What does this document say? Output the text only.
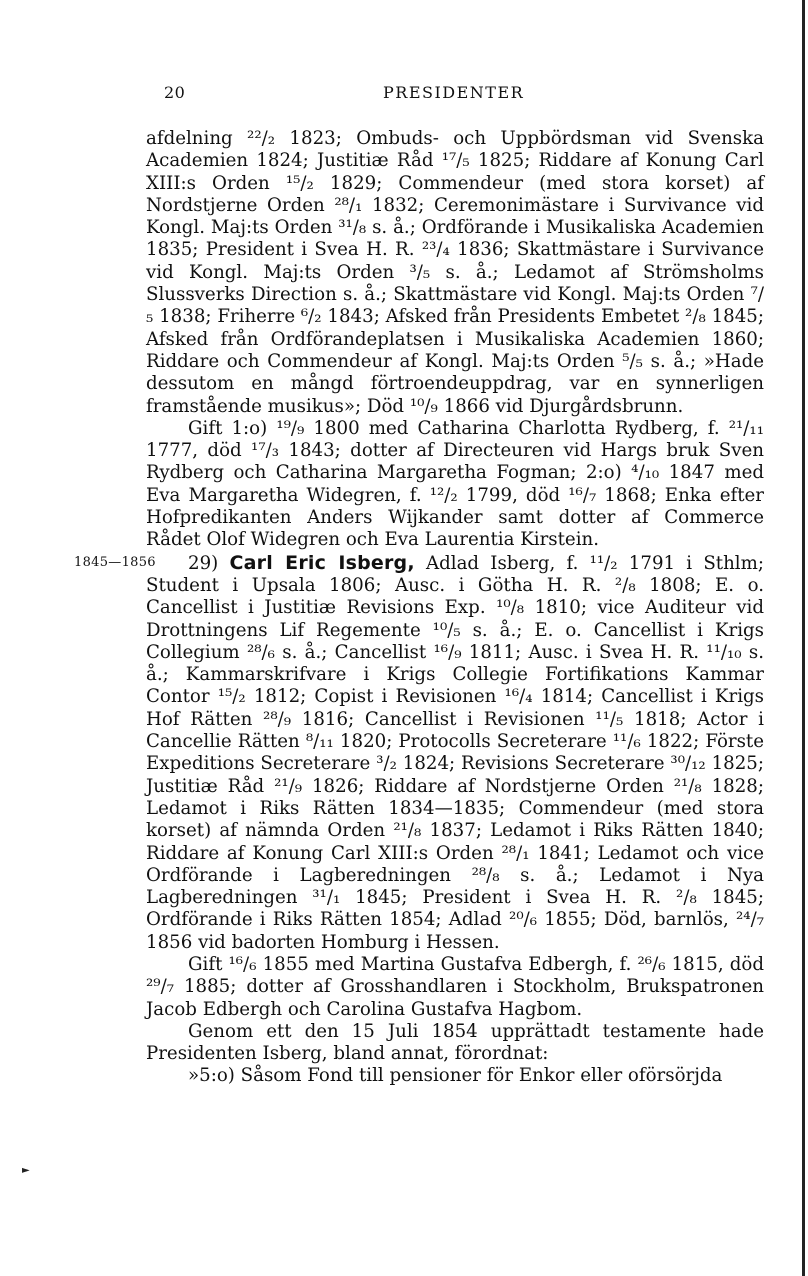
20	PRESIDENTER

afdelning ²²/₂ 1823; Ombuds- och Uppbördsman vid Svenska Academien 1824; Justitiæ Råd ¹⁷/₅ 1825; Riddare af Konung Carl XIII:s Orden ¹⁵/₂ 1829; Commendeur (med stora korset) af Nordstjerne Orden ²⁸/₁ 1832; Ceremonimästare i Survivance vid Kongl. Maj:ts Orden ³¹/₈ s. å.; Ordförande i Musikaliska Academien 1835; President i Svea H. R. ²³/₄ 1836; Skattmästare i Survivance vid Kongl. Maj:ts Orden ³/₅ s. å.; Ledamot af Strömsholms Slussverks Direction s. å.; Skattmästare vid Kongl. Maj:ts Orden ⁷/₅ 1838; Friherre ⁶/₂ 1843; Afsked från Presidents Embetet ²/₈ 1845; Afsked från Ordförandeplatsen i Musikaliska Academien 1860; Riddare och Commendeur af Kongl. Maj:ts Orden ⁵/₅ s. å.; »Hade dessutom en mångd förtroendeuppdrag, var en synnerligen framstående musikus»; Död ¹⁰/₉ 1866 vid Djurgårdsbrunn.

Gift 1:o) ¹⁹/₉ 1800 med Catharina Charlotta Rydberg, f. ²¹/₁₁ 1777, död ¹⁷/₃ 1843; dotter af Directeuren vid Hargs bruk Sven Rydberg och Catharina Margaretha Fogman; 2:o) ⁴/₁₀ 1847 med Eva Margaretha Widegren, f. ¹²/₂ 1799, död ¹⁶/₇ 1868; Enka efter Hofpredikanten Anders Wijkander samt dotter af Commerce Rådet Olof Widegren och Eva Laurentia Kirstein.

1845—1856 29) Carl Eric Isberg, Adlad Isberg, f. ¹¹/₂ 1791 i Sthlm; Student i Upsala 1806; Ausc. i Götha H. R. ²/₈ 1808; E. o. Cancellist i Justitiæ Revisions Exp. ¹⁰/₈ 1810; vice Auditeur vid Drottningens Lif Regemente ¹⁰/₅ s. å.; E. o. Cancellist i Krigs Collegium ²⁸/₆ s. å.; Cancellist ¹⁶/₉ 1811; Ausc. i Svea H. R. ¹¹/₁₀ s. å.; Kammarskrifvare i Krigs Collegie Fortifikations Kammar Contor ¹⁵/₂ 1812; Copist i Revisionen ¹⁶/₄ 1814; Cancellist i Krigs Hof Rätten ²⁸/₉ 1816; Cancellist i Revisionen ¹¹/₅ 1818; Actor i Cancellie Rätten ⁸/₁₁ 1820; Protocolls Secreterare ¹¹/₆ 1822; Förste Expeditions Secreterare ³/₂ 1824; Revisions Secreterare ³⁰/₁₂ 1825; Justitiæ Råd ²¹/₉ 1826; Riddare af Nordstjerne Orden ²¹/₈ 1828; Ledamot i Riks Rätten 1834—1835; Commendeur (med stora korset) af nämnda Orden ²¹/₈ 1837; Ledamot i Riks Rätten 1840; Riddare af Konung Carl XIII:s Orden ²⁸/₁ 1841; Ledamot och vice Ordförande i Lagberedningen ²⁸/₈ s. å.; Ledamot i Nya Lagberedningen ³¹/₁ 1845; President i Svea H. R. ²/₈ 1845; Ordförande i Riks Rätten 1854; Adlad ²⁰/₆ 1855; Död, barnlös, ²⁴/₇ 1856 vid badorten Homburg i Hessen.

Gift ¹⁶/₆ 1855 med Martina Gustafva Edbergh, f. ²⁶/₆ 1815, död ²⁹/₇ 1885; dotter af Grosshandlaren i Stockholm, Brukspatronen Jacob Edbergh och Carolina Gustafva Hagbom.

Genom ett den 15 Juli 1854 upprättadt testamente hade Presidenten Isberg, bland annat, förordnat:

»5:o) Såsom Fond till pensioner för Enkor eller oförsörjda

►
